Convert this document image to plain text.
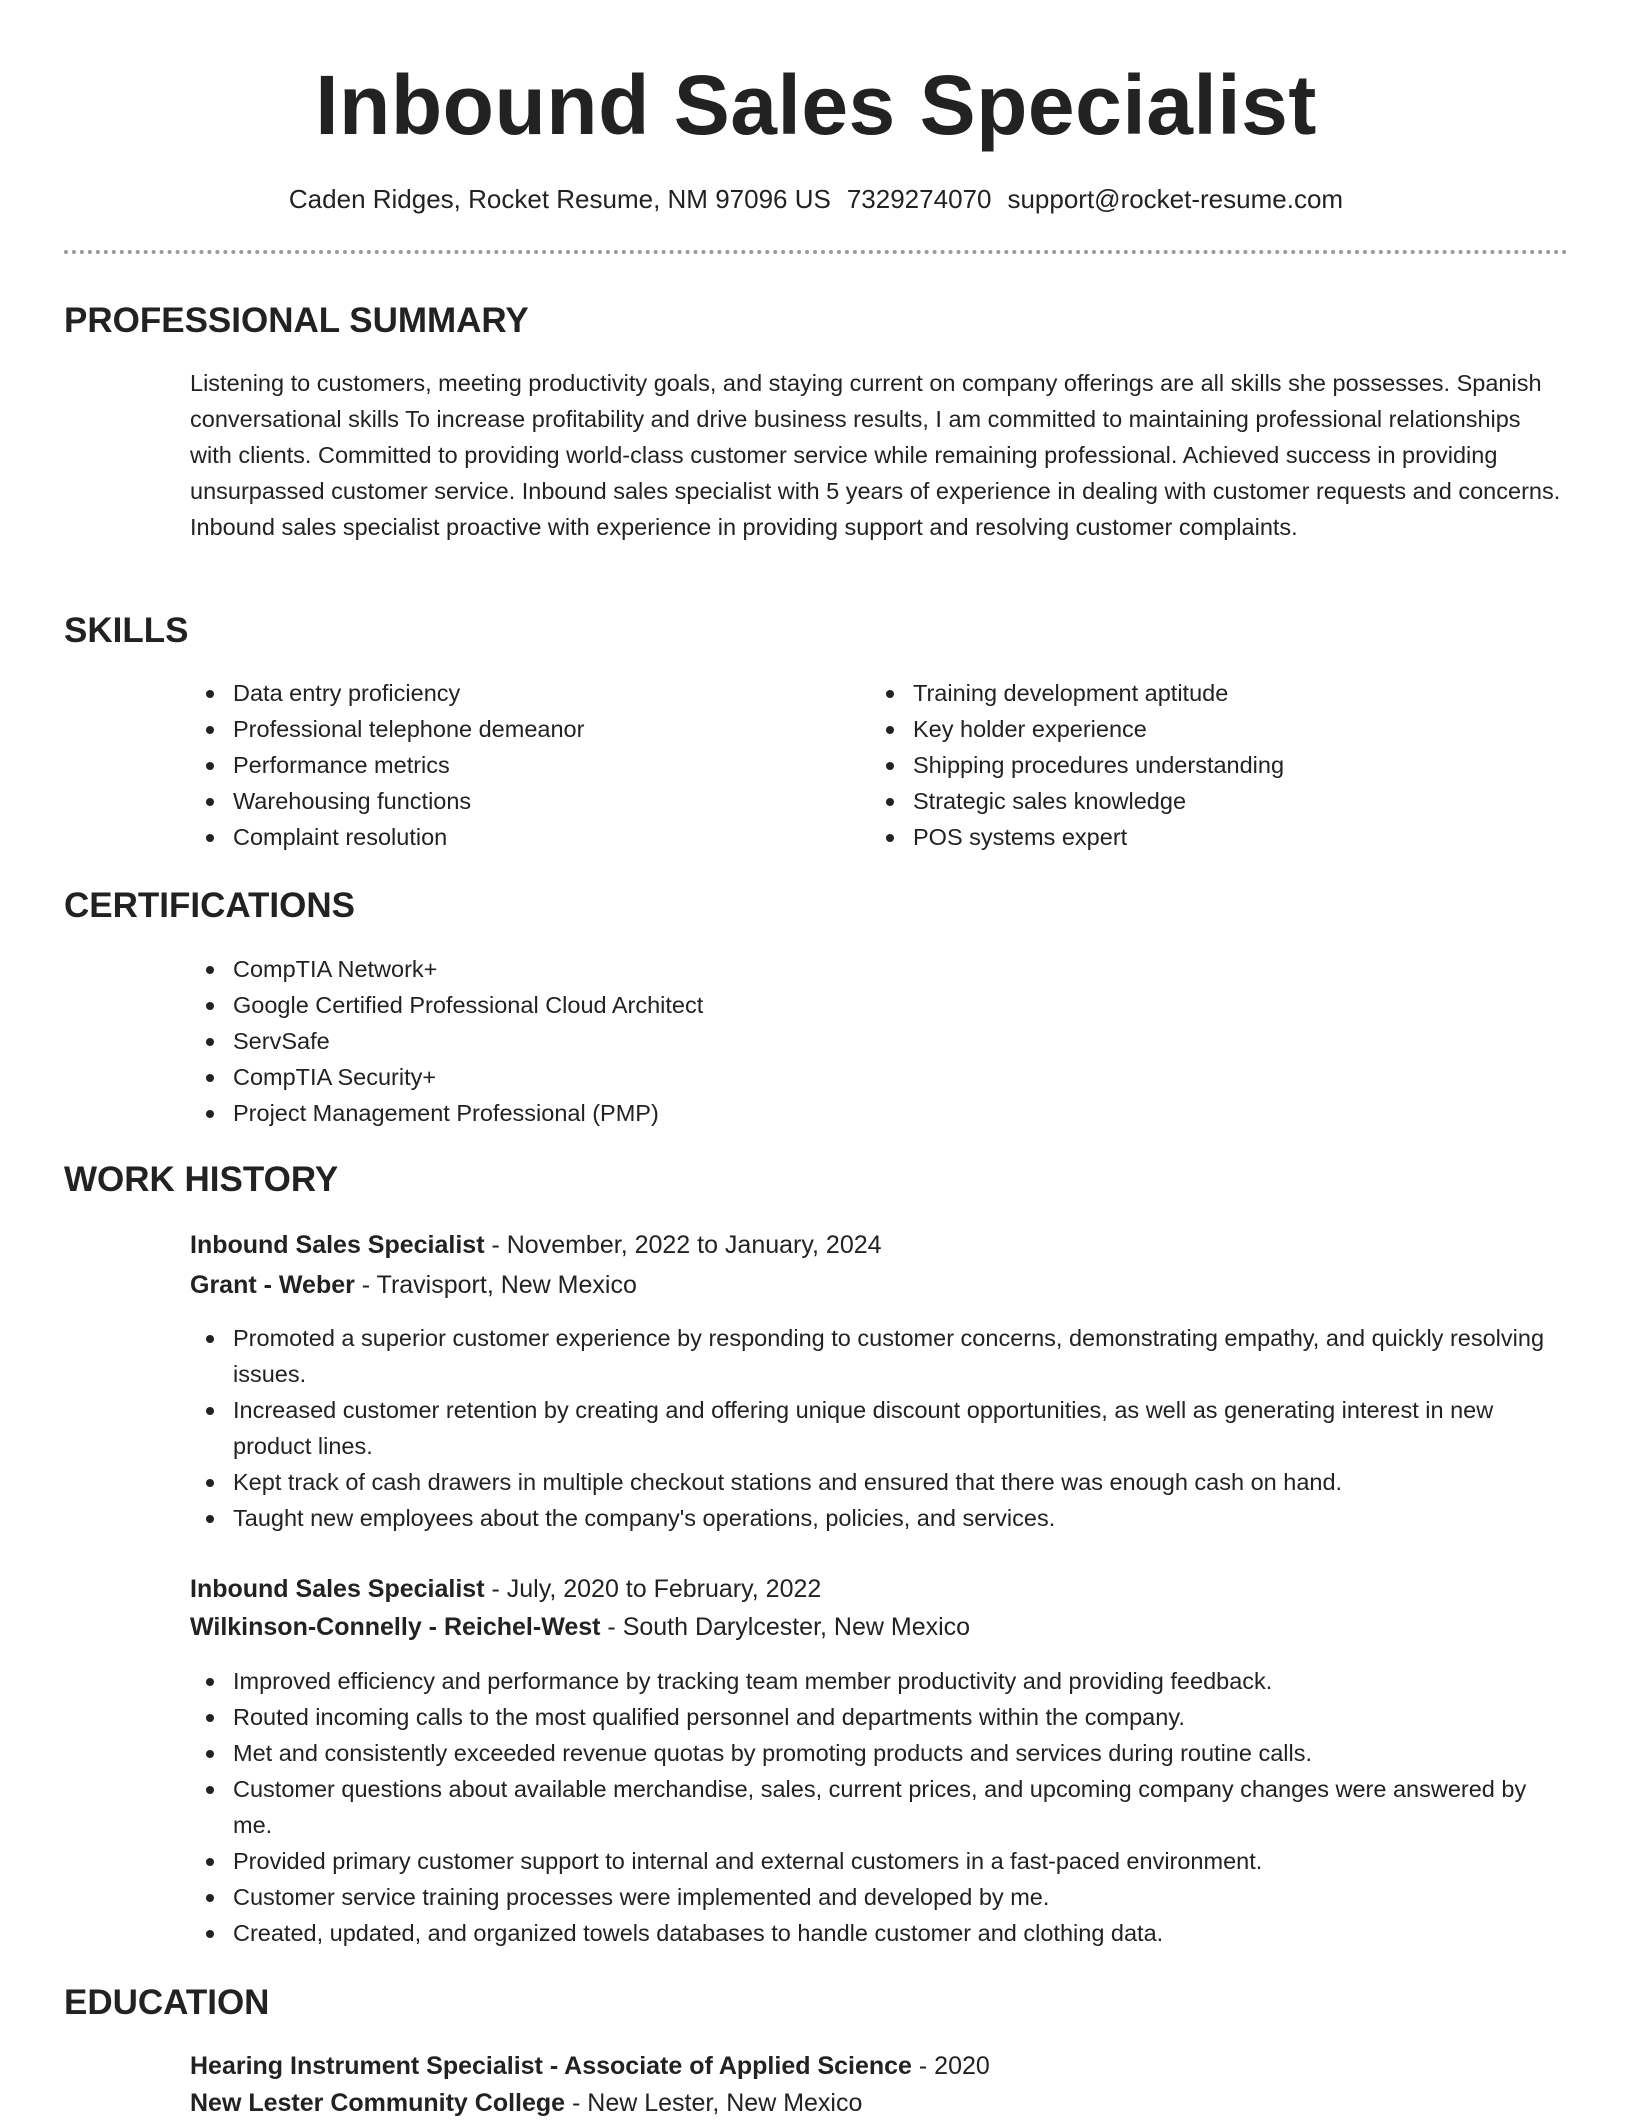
Inbound Sales Specialist
Caden Ridges, Rocket Resume, NM 97096 US 7329274070 support@rocket-resume.com
PROFESSIONAL SUMMARY

Listening to customers, meeting productivity goals, and staying current on company offerings are all skills she possesses. Spanish conversational skills To increase profitability and drive business results, I am committed to maintaining professional relationships with clients. Committed to providing world-class customer service while remaining professional. Achieved success in providing unsurpassed customer service. Inbound sales specialist with 5 years of experience in dealing with customer requests and concerns. Inbound sales specialist proactive with experience in providing support and resolving customer complaints.

SKILLS
Data entry proficiency
Professional telephone demeanor
Performance metrics
Warehousing functions
Complaint resolution
Training development aptitude
Key holder experience
Shipping procedures understanding
Strategic sales knowledge
POS systems expert
CERTIFICATIONS
CompTIA Network+
Google Certified Professional Cloud Architect
ServSafe
CompTIA Security+
Project Management Professional (PMP)
WORK HISTORY

Inbound Sales Specialist - November, 2022 to January, 2024

Grant - Weber - Travisport, New Mexico

Promoted a superior customer experience by responding to customer concerns, demonstrating empathy, and quickly resolving issues.
Increased customer retention by creating and offering unique discount opportunities, as well as generating interest in new product lines.
Kept track of cash drawers in multiple checkout stations and ensured that there was enough cash on hand.
Taught new employees about the company's operations, policies, and services.

Inbound Sales Specialist - July, 2020 to February, 2022

Wilkinson-Connelly - Reichel-West - South Darylcester, New Mexico

Improved efficiency and performance by tracking team member productivity and providing feedback.
Routed incoming calls to the most qualified personnel and departments within the company.
Met and consistently exceeded revenue quotas by promoting products and services during routine calls.
Customer questions about available merchandise, sales, current prices, and upcoming company changes were answered by me.
Provided primary customer support to internal and external customers in a fast-paced environment.
Customer service training processes were implemented and developed by me.
Created, updated, and organized towels databases to handle customer and clothing data.
EDUCATION

Hearing Instrument Specialist - Associate of Applied Science - 2020

New Lester Community College - New Lester, New Mexico
